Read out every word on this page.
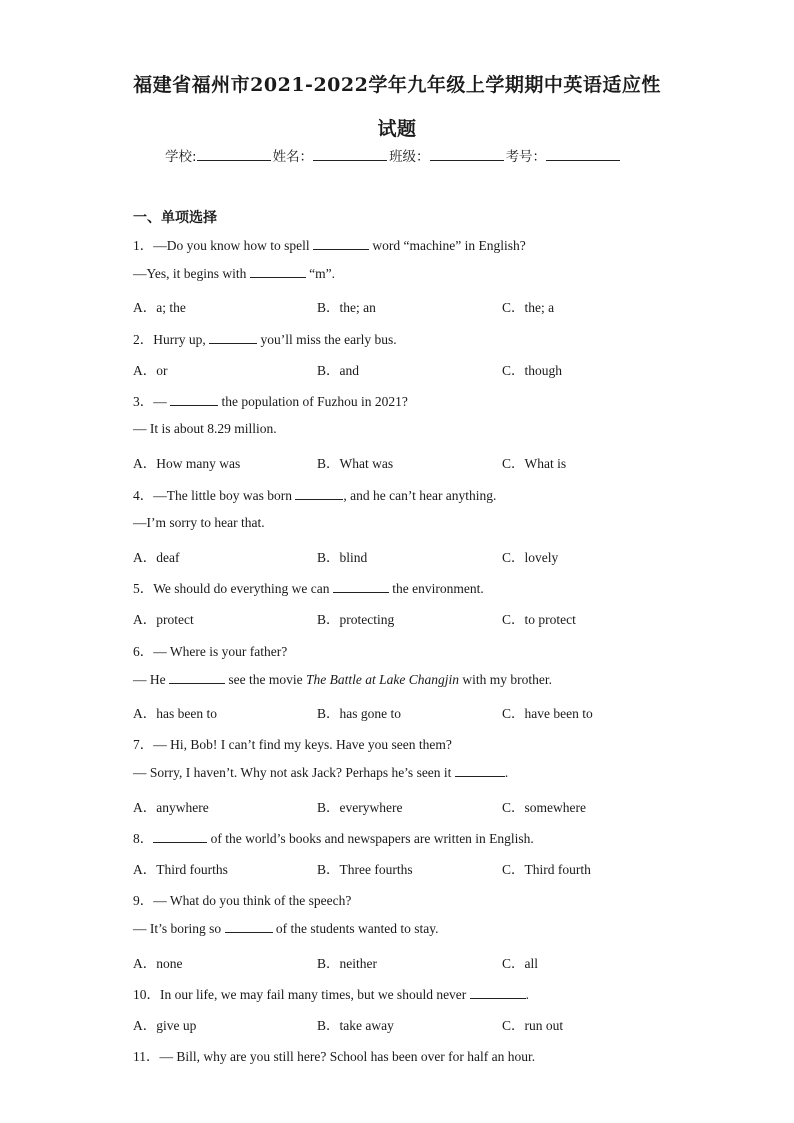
福建省福州市2021-2022学年九年级上学期期中英语适应性
试题
学校:	姓名：	班级：	考号：
一、单项选择
1．—Do you know how to spell	word “machine” in English?
—Yes, it begins with	“m”.
A．a; the	B．the; an	C．the; a
2．Hurry up,	you’ll miss the early bus.
A．or	B．and	C．though
3．—	the population of Fuzhou in 2021?
— It is about 8.29 million.
A．How many was	B．What was	C．What is
4．—The little boy was born	, and he can’t hear anything.
—I’m sorry to hear that.
A．deaf	B．blind	C．lovely
5．We should do everything we can	the environment.
A．protect	B．protecting	C．to protect
6．— Where is your father?
— He	see the movie The Battle at Lake Changjin with my brother.
A．has been to	B．has gone to	C．have been to
7．— Hi, Bob! I can’t find my keys. Have you seen them?
— Sorry, I haven’t. Why not ask Jack? Perhaps he’s seen it	.
A．anywhere	B．everywhere	C．somewhere
8．	of the world’s books and newspapers are written in English.
A．Third fourths	B．Three fourths	C．Third fourth
9．— What do you think of the speech?
— It’s boring so	of the students wanted to stay.
A．none	B．neither	C．all
10．In our life, we may fail many times, but we should never	.
A．give up	B．take away	C．run out
11．— Bill, why are you still here? School has been over for half an hour.
